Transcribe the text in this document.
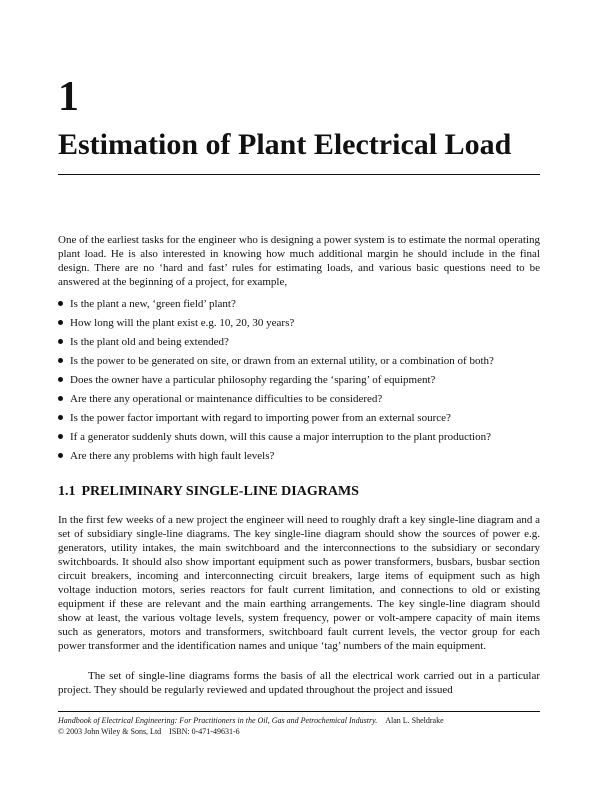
1
Estimation of Plant Electrical Load

One of the earliest tasks for the engineer who is designing a power system is to estimate the normal operating plant load. He is also interested in knowing how much additional margin he should include in the final design. There are no ‘hard and fast’ rules for estimating loads, and various basic questions need to be answered at the beginning of a project, for example,

Is the plant a new, ‘green field’ plant?
How long will the plant exist e.g. 10, 20, 30 years?
Is the plant old and being extended?
Is the power to be generated on site, or drawn from an external utility, or a combination of both?
Does the owner have a particular philosophy regarding the ‘sparing’ of equipment?
Are there any operational or maintenance difficulties to be considered?
Is the power factor important with regard to importing power from an external source?
If a generator suddenly shuts down, will this cause a major interruption to the plant production?
Are there any problems with high fault levels?
1.1 PRELIMINARY SINGLE-LINE DIAGRAMS

In the first few weeks of a new project the engineer will need to roughly draft a key single-line diagram and a set of subsidiary single-line diagrams. The key single-line diagram should show the sources of power e.g. generators, utility intakes, the main switchboard and the interconnections to the subsidiary or secondary switchboards. It should also show important equipment such as power transformers, busbars, busbar section circuit breakers, incoming and interconnecting circuit breakers, large items of equipment such as high voltage induction motors, series reactors for fault current limitation, and connections to old or existing equipment if these are relevant and the main earthing arrangements. The key single-line diagram should show at least, the various voltage levels, system frequency, power or volt-ampere capacity of main items such as generators, motors and transformers, switchboard fault current levels, the vector group for each power transformer and the identification names and unique ‘tag’ numbers of the main equipment.

The set of single-line diagrams forms the basis of all the electrical work carried out in a particular project. They should be regularly reviewed and updated throughout the project and issued

Handbook of Electrical Engineering: For Practitioners in the Oil, Gas and Petrochemical Industry. Alan L. Sheldrake
© 2003 John Wiley & Sons, Ltd ISBN: 0-471-49631-6
